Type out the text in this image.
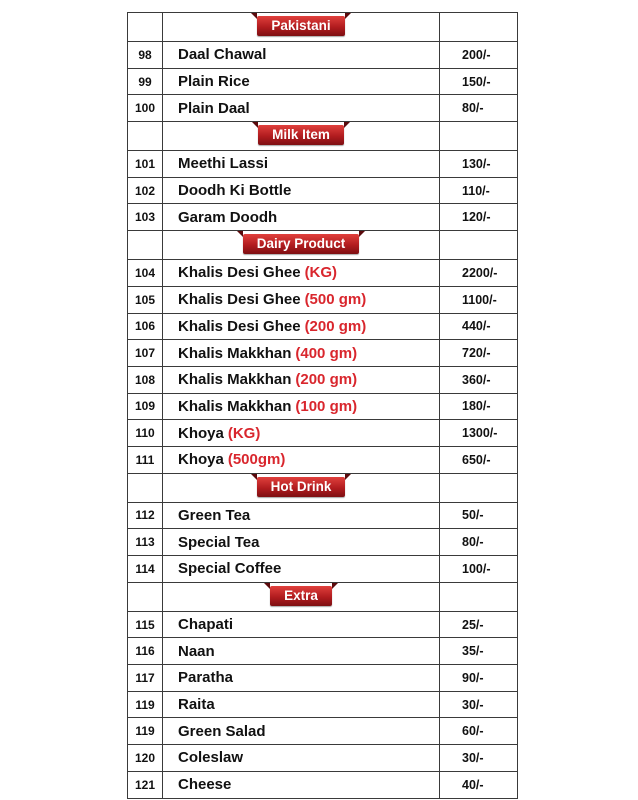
	Pakistani	

98	Daal Chawal	200/-
99	Plain Rice	150/-
100	Plain Daal	80/-

	Milk Item	

101	Meethi Lassi	130/-
102	Doodh Ki Bottle	110/-
103	Garam Doodh	120/-

	Dairy Product	

104	Khalis Desi Ghee (KG)	2200/-
105	Khalis Desi Ghee (500 gm)	1100/-
106	Khalis Desi Ghee (200 gm)	440/-
107	Khalis Makkhan (400 gm)	720/-
108	Khalis Makkhan (200 gm)	360/-
109	Khalis Makkhan (100 gm)	180/-
110	Khoya (KG)	1300/-
111	Khoya (500gm)	650/-

	Hot Drink	

112	Green Tea	50/-
113	Special Tea	80/-
114	Special Coffee	100/-

	Extra	

115	Chapati	25/-
116	Naan	35/-
117	Paratha	90/-
119	Raita	30/-
119	Green Salad	60/-
120	Coleslaw	30/-
121	Cheese	40/-
